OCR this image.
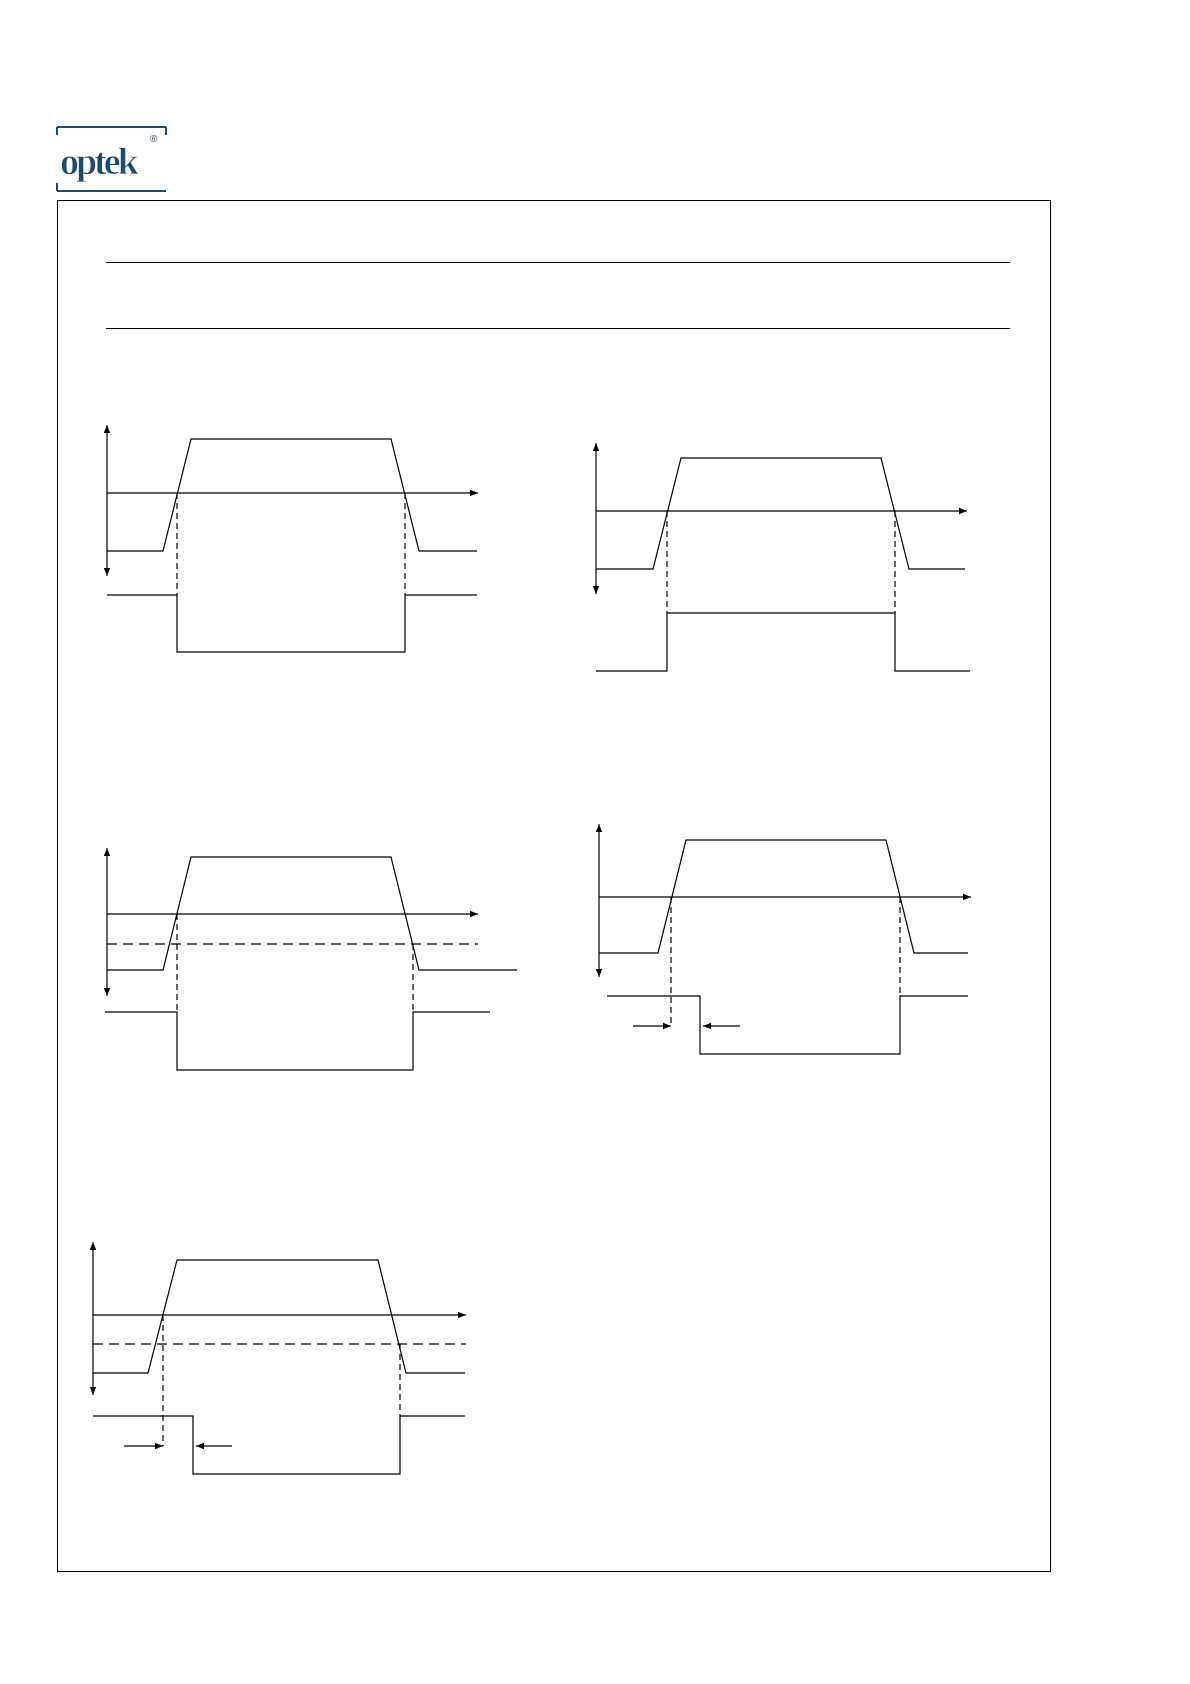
optek
®
